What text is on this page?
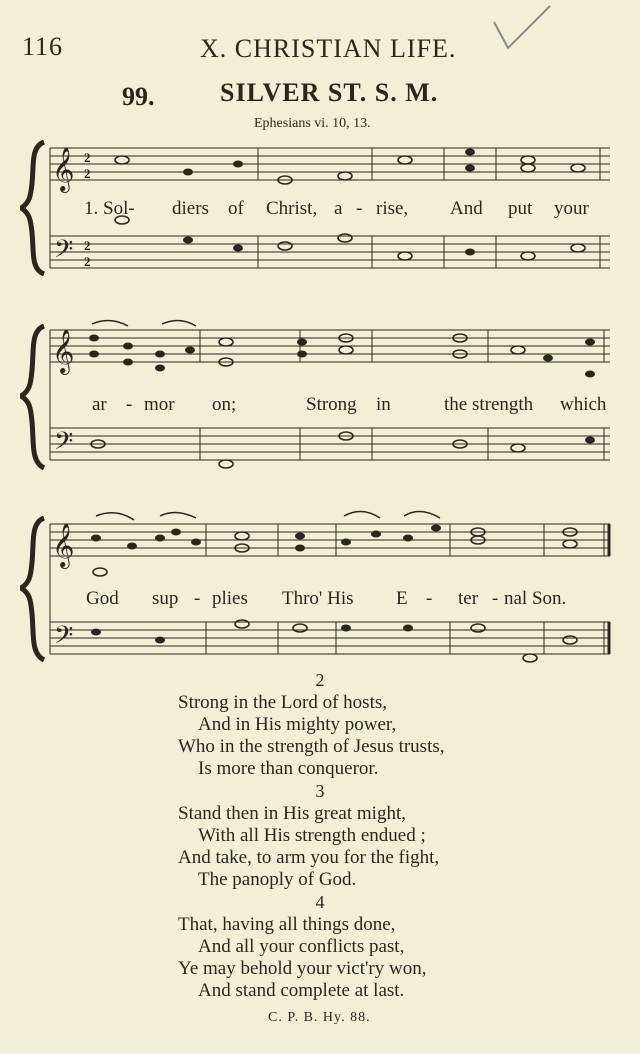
116	X. CHRISTIAN LIFE.
99.	SILVER ST. S. M.
Ephesians vi. 10, 13.
𝄞
𝄢
2
2
2
2
1. Sol- diers of Christ, a - rise, And put your
𝄞
𝄢
ar - mor on;	Strong in	the strength which
𝄞
𝄢
God sup - plies Thro' His E - ter - nal Son.
2
Strong in the Lord of hosts,
And in His mighty power,
Who in the strength of Jesus trusts,
Is more than conqueror.
3
Stand then in His great might,
With all His strength endued ;
And take, to arm you for the fight,
The panoply of God.
4
That, having all things done,
And all your conflicts past,
Ye may behold your vict'ry won,
And stand complete at last.
C. P. B. Hy. 88.
